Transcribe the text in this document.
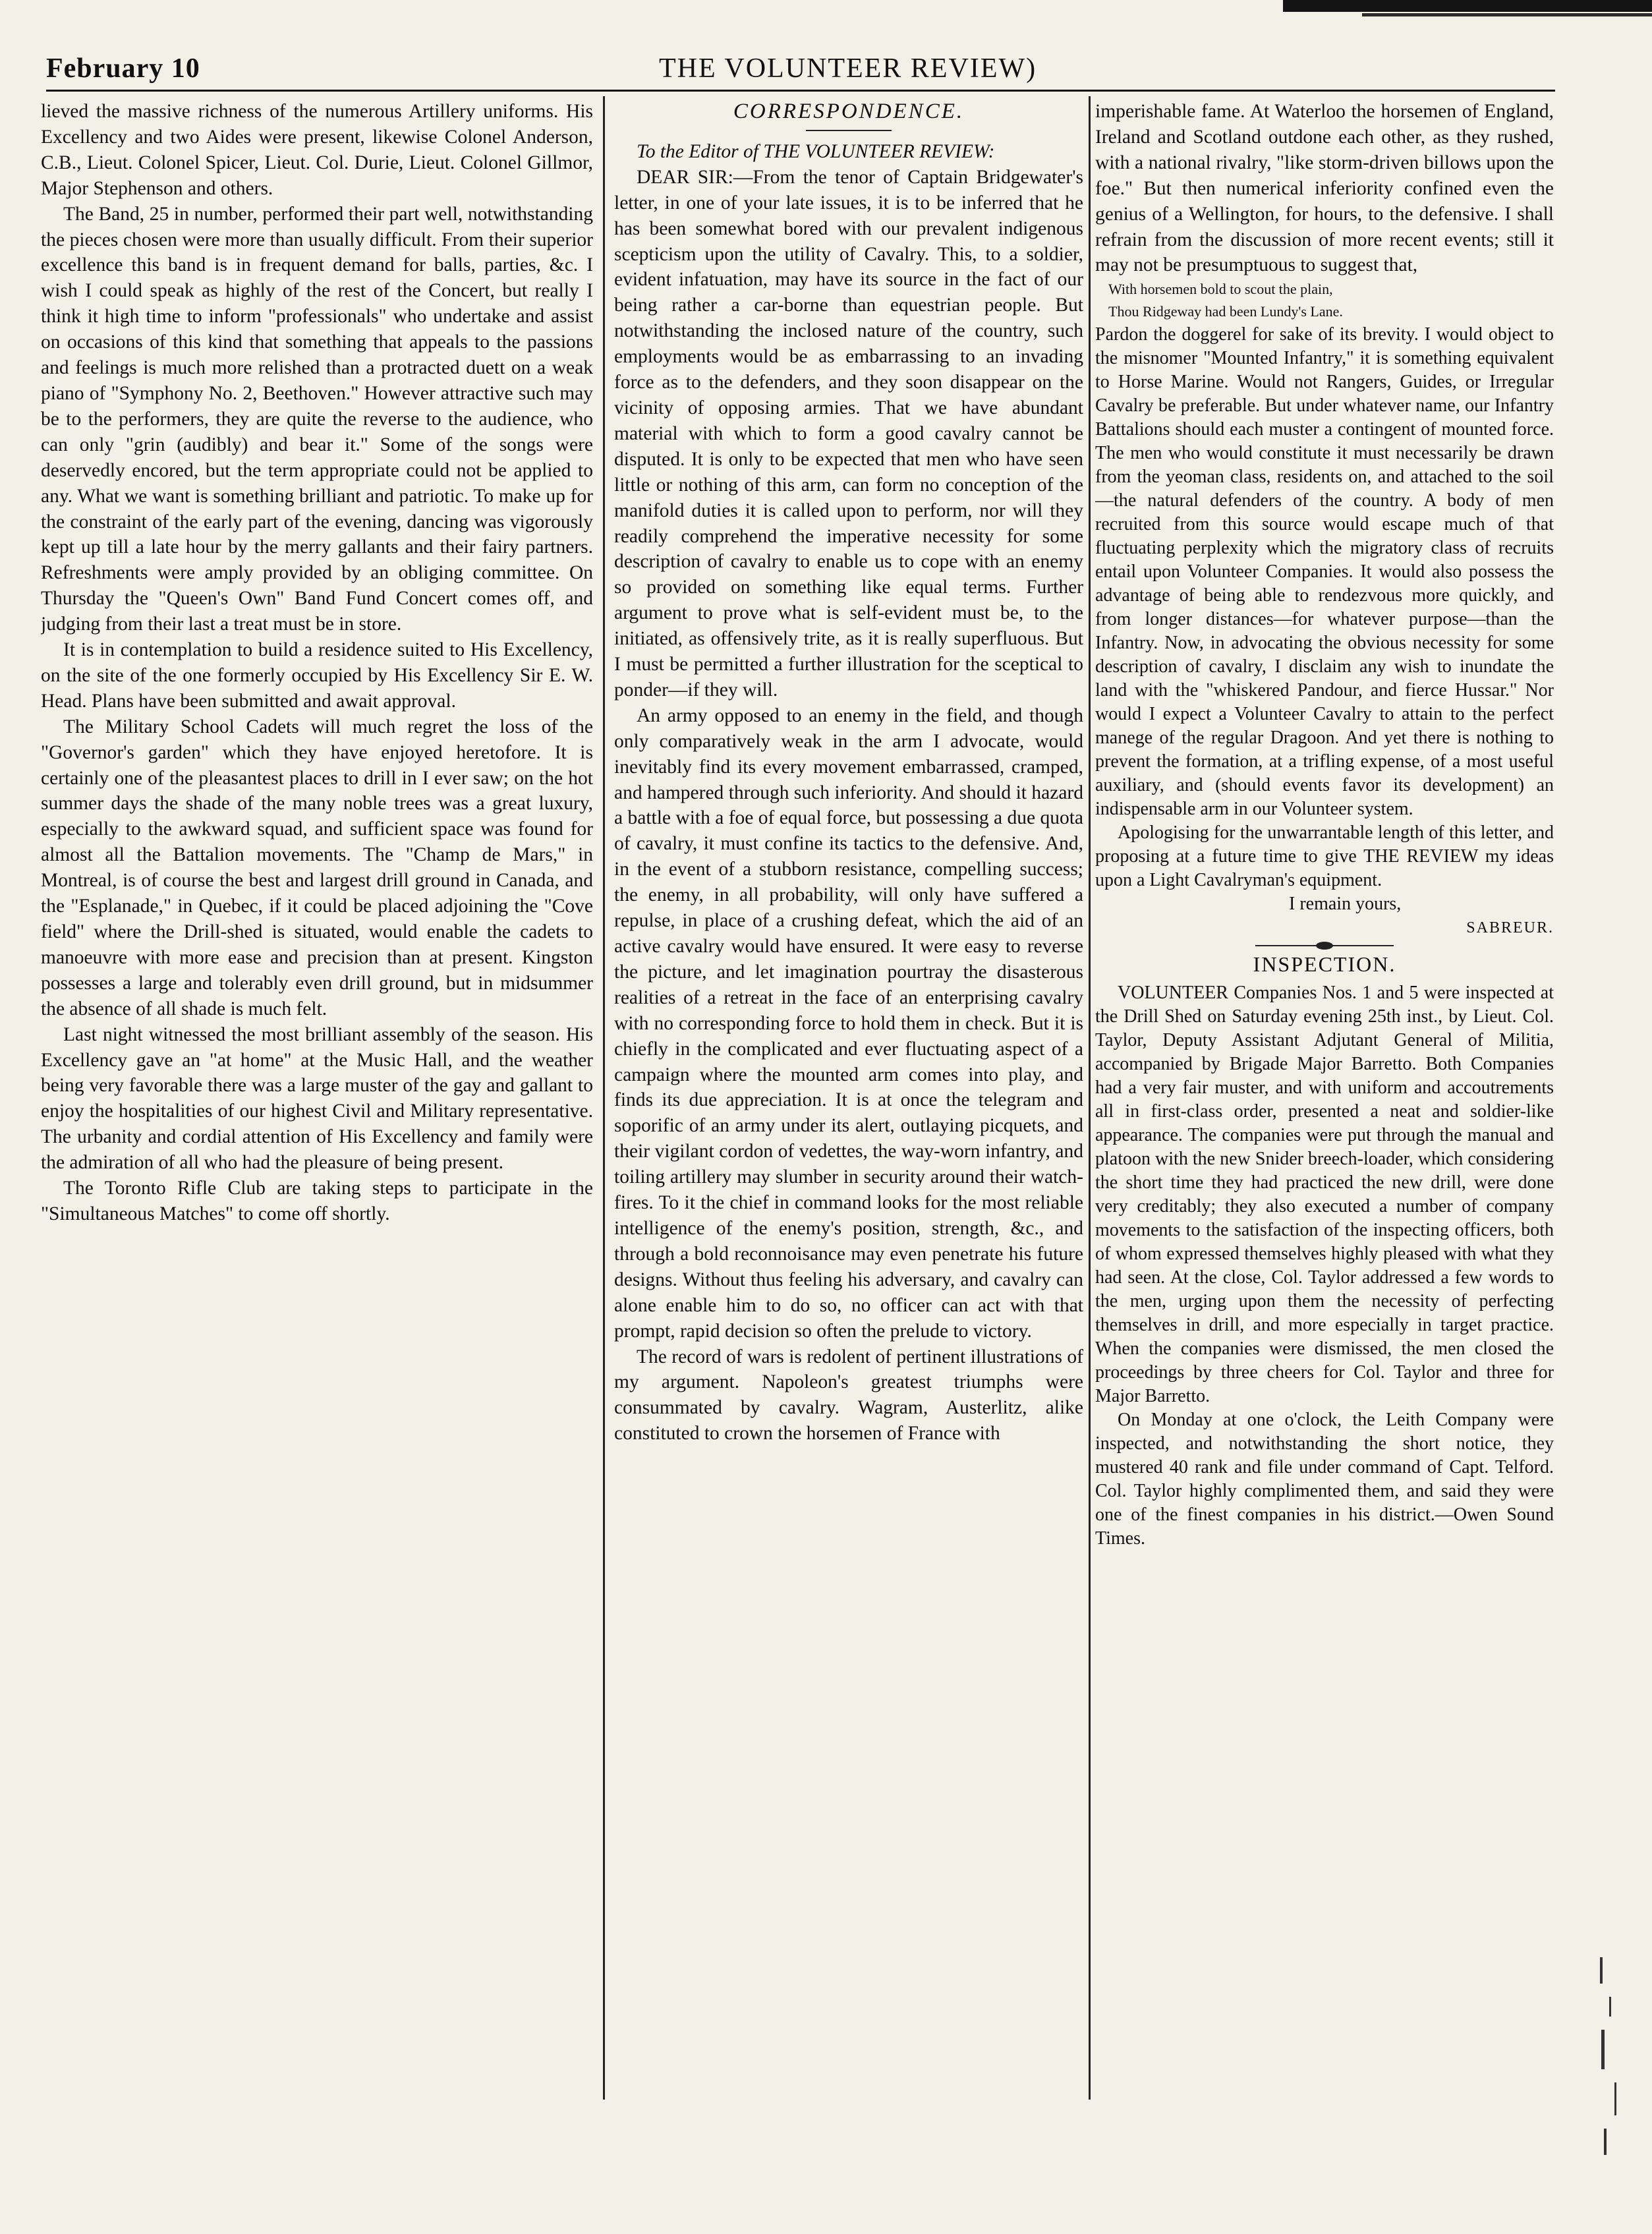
February 10	THE VOLUNTEER REVIEW)

lieved the massive richness of the numerous Artillery uniforms. His Excellency and two Aides were present, likewise Colonel Anderson, C.B., Lieut. Colonel Spicer, Lieut. Col. Durie, Lieut. Colonel Gillmor, Major Stephenson and others.

The Band, 25 in number, performed their part well, notwithstanding the pieces chosen were more than usually difficult. From their superior excellence this band is in frequent demand for balls, parties, &c. I wish I could speak as highly of the rest of the Concert, but really I think it high time to inform "professionals" who undertake and assist on occasions of this kind that something that appeals to the passions and feelings is much more relished than a protracted duett on a weak piano of "Symphony No. 2, Beethoven." However attractive such may be to the performers, they are quite the reverse to the audience, who can only "grin (audibly) and bear it." Some of the songs were deservedly encored, but the term appropriate could not be applied to any. What we want is something brilliant and patriotic. To make up for the constraint of the early part of the evening, dancing was vigorously kept up till a late hour by the merry gallants and their fairy partners. Refreshments were amply provided by an obliging committee. On Thursday the "Queen's Own" Band Fund Concert comes off, and judging from their last a treat must be in store.

It is in contemplation to build a residence suited to His Excellency, on the site of the one formerly occupied by His Excellency Sir E. W. Head. Plans have been submitted and await approval.

The Military School Cadets will much regret the loss of the "Governor's garden" which they have enjoyed heretofore. It is certainly one of the pleasantest places to drill in I ever saw; on the hot summer days the shade of the many noble trees was a great luxury, especially to the awkward squad, and sufficient space was found for almost all the Battalion movements. The "Champ de Mars," in Montreal, is of course the best and largest drill ground in Canada, and the "Esplanade," in Quebec, if it could be placed adjoining the "Cove field" where the Drill-shed is situated, would enable the cadets to manoeuvre with more ease and precision than at present. Kingston possesses a large and tolerably even drill ground, but in midsummer the absence of all shade is much felt.

Last night witnessed the most brilliant assembly of the season. His Excellency gave an "at home" at the Music Hall, and the weather being very favorable there was a large muster of the gay and gallant to enjoy the hospitalities of our highest Civil and Military representative. The urbanity and cordial attention of His Excellency and family were the admiration of all who had the pleasure of being present.

The Toronto Rifle Club are taking steps to participate in the "Simultaneous Matches" to come off shortly.

CORRESPONDENCE.

To the Editor of THE VOLUNTEER REVIEW:

DEAR SIR:—From the tenor of Captain Bridgewater's letter, in one of your late issues, it is to be inferred that he has been somewhat bored with our prevalent indigenous scepticism upon the utility of Cavalry. This, to a soldier, evident infatuation, may have its source in the fact of our being rather a car-borne than equestrian people. But notwithstanding the inclosed nature of the country, such employments would be as embarrassing to an invading force as to the defenders, and they soon disappear on the vicinity of opposing armies. That we have abundant material with which to form a good cavalry cannot be disputed. It is only to be expected that men who have seen little or nothing of this arm, can form no conception of the manifold duties it is called upon to perform, nor will they readily comprehend the imperative necessity for some description of cavalry to enable us to cope with an enemy so provided on something like equal terms. Further argument to prove what is self-evident must be, to the initiated, as offensively trite, as it is really superfluous. But I must be permitted a further illustration for the sceptical to ponder—if they will.

An army opposed to an enemy in the field, and though only comparatively weak in the arm I advocate, would inevitably find its every movement embarrassed, cramped, and hampered through such inferiority. And should it hazard a battle with a foe of equal force, but possessing a due quota of cavalry, it must confine its tactics to the defensive. And, in the event of a stubborn resistance, compelling success; the enemy, in all probability, will only have suffered a repulse, in place of a crushing defeat, which the aid of an active cavalry would have ensured. It were easy to reverse the picture, and let imagination pourtray the disasterous realities of a retreat in the face of an enterprising cavalry with no corresponding force to hold them in check. But it is chiefly in the complicated and ever fluctuating aspect of a campaign where the mounted arm comes into play, and finds its due appreciation. It is at once the telegram and soporific of an army under its alert, outlaying picquets, and their vigilant cordon of vedettes, the way-worn infantry, and toiling artillery may slumber in security around their watch-fires. To it the chief in command looks for the most reliable intelligence of the enemy's position, strength, &c., and through a bold reconnoisance may even penetrate his future designs. Without thus feeling his adversary, and cavalry can alone enable him to do so, no officer can act with that prompt, rapid decision so often the prelude to victory.

The record of wars is redolent of pertinent illustrations of my argument. Napoleon's greatest triumphs were consummated by cavalry. Wagram, Austerlitz, alike constituted to crown the horsemen of France with

imperishable fame. At Waterloo the horsemen of England, Ireland and Scotland outdone each other, as they rushed, with a national rivalry, "like storm-driven billows upon the foe." But then numerical inferiority confined even the genius of a Wellington, for hours, to the defensive. I shall refrain from the discussion of more recent events; still it may not be presumptuous to suggest that,

With horsemen bold to scout the plain,

Thou Ridgeway had been Lundy's Lane.

Pardon the doggerel for sake of its brevity. I would object to the misnomer "Mounted Infantry," it is something equivalent to Horse Marine. Would not Rangers, Guides, or Irregular Cavalry be preferable. But under whatever name, our Infantry Battalions should each muster a contingent of mounted force. The men who would constitute it must necessarily be drawn from the yeoman class, residents on, and attached to the soil—the natural defenders of the country. A body of men recruited from this source would escape much of that fluctuating perplexity which the migratory class of recruits entail upon Volunteer Companies. It would also possess the advantage of being able to rendezvous more quickly, and from longer distances—for whatever purpose—than the Infantry. Now, in advocating the obvious necessity for some description of cavalry, I disclaim any wish to inundate the land with the "whiskered Pandour, and fierce Hussar." Nor would I expect a Volunteer Cavalry to attain to the perfect manege of the regular Dragoon. And yet there is nothing to prevent the formation, at a trifling expense, of a most useful auxiliary, and (should events favor its development) an indispensable arm in our Volunteer system.

Apologising for the unwarrantable length of this letter, and proposing at a future time to give THE REVIEW my ideas upon a Light Cavalryman's equipment.

I remain yours,

SABREUR.

INSPECTION.

VOLUNTEER Companies Nos. 1 and 5 were inspected at the Drill Shed on Saturday evening 25th inst., by Lieut. Col. Taylor, Deputy Assistant Adjutant General of Militia, accompanied by Brigade Major Barretto. Both Companies had a very fair muster, and with uniform and accoutrements all in first-class order, presented a neat and soldier-like appearance. The companies were put through the manual and platoon with the new Snider breech-loader, which considering the short time they had practiced the new drill, were done very creditably; they also executed a number of company movements to the satisfaction of the inspecting officers, both of whom expressed themselves highly pleased with what they had seen. At the close, Col. Taylor addressed a few words to the men, urging upon them the necessity of perfecting themselves in drill, and more especially in target practice. When the companies were dismissed, the men closed the proceedings by three cheers for Col. Taylor and three for Major Barretto.

On Monday at one o'clock, the Leith Company were inspected, and notwithstanding the short notice, they mustered 40 rank and file under command of Capt. Telford. Col. Taylor highly complimented them, and said they were one of the finest companies in his district.—Owen Sound Times.
